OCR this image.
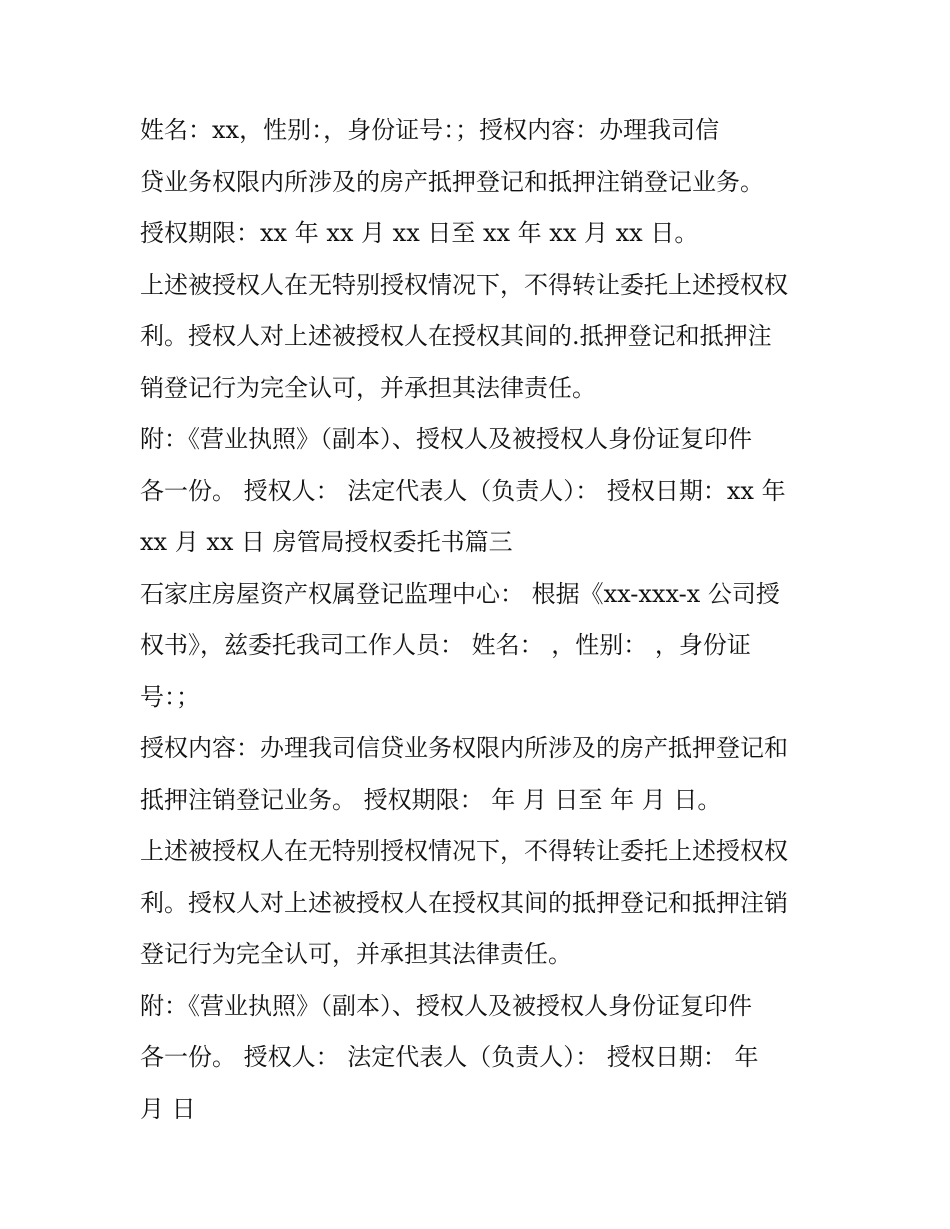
姓名：xx，性别：，身份证号：；授权内容：办理我司信
贷业务权限内所涉及的房产抵押登记和抵押注销登记业务。
授权期限：xx 年 xx 月 xx 日至 xx 年 xx 月 xx 日。
上述被授权人在无特别授权情况下，不得转让委托上述授权权
利。授权人对上述被授权人在授权其间的.抵押登记和抵押注
销登记行为完全认可，并承担其法律责任。
附：《营业执照》（副本）、授权人及被授权人身份证复印件
各一份。 授权人： 法定代表人（负责人）： 授权日期：xx 年
xx 月 xx 日 房管局授权委托书篇三
石家庄房屋资产权属登记监理中心： 根据《xx-xxx-x 公司授
权书》，兹委托我司工作人员： 姓名： ，性别： ，身份证
号：；
授权内容：办理我司信贷业务权限内所涉及的房产抵押登记和
抵押注销登记业务。 授权期限： 年 月 日至 年 月 日。
上述被授权人在无特别授权情况下，不得转让委托上述授权权
利。授权人对上述被授权人在授权其间的抵押登记和抵押注销
登记行为完全认可，并承担其法律责任。
附：《营业执照》（副本）、授权人及被授权人身份证复印件
各一份。 授权人： 法定代表人（负责人）： 授权日期： 年
月 日
